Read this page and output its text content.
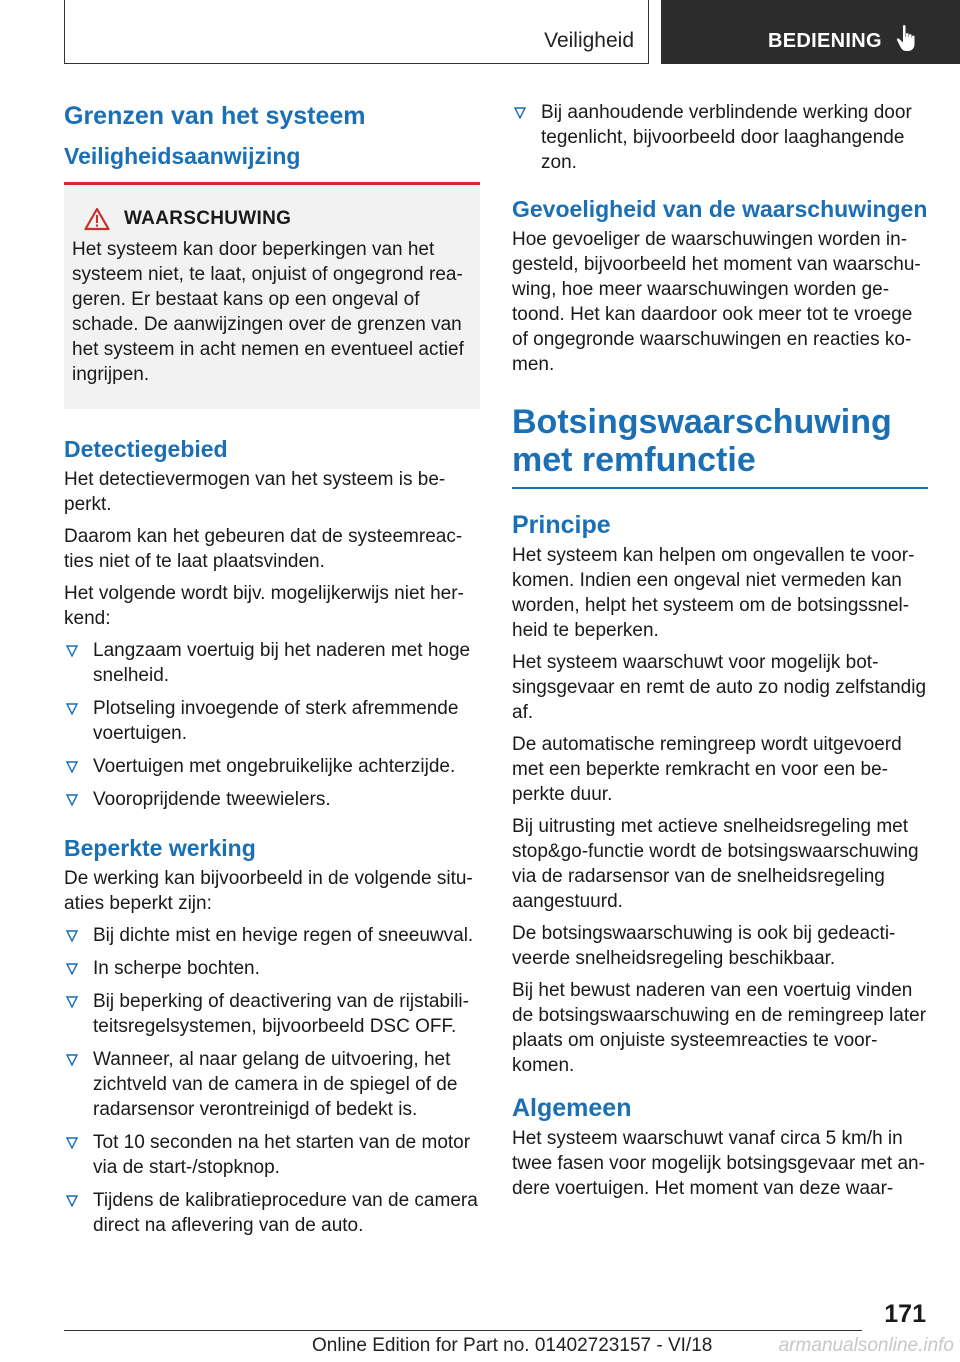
Veiligheid	BEDIENING
Grenzen van het systeem
Veiligheidsaanwijzing
WAARSCHUWING

Het systeem kan door beperkingen van het systeem niet, te laat, onjuist of ongegrond reageren. Er bestaat kans op een ongeval of schade. De aanwijzingen over de grenzen van het systeem in acht nemen en eventueel actief ingrijpen.

Detectiegebied

Het detectievermogen van het systeem is beperkt.

Daarom kan het gebeuren dat de systeemreacties niet of te laat plaatsvinden.

Het volgende wordt bijv. mogelijkerwijs niet herkend:

Langzaam voertuig bij het naderen met hoge snelheid.
Plotseling invoegende of sterk afremmende voertuigen.
Voertuigen met ongebruikelijke achterzijde.
Vooroprijdende tweewielers.
Beperkte werking

De werking kan bijvoorbeeld in de volgende situaties beperkt zijn:

Bij dichte mist en hevige regen of sneeuwval.
In scherpe bochten.
Bij beperking of deactivering van de rijstabiliteitsregelsystemen, bijvoorbeeld DSC OFF.
Wanneer, al naar gelang de uitvoering, het zichtveld van de camera in de spiegel of de radarsensor verontreinigd of bedekt is.
Tot 10 seconden na het starten van de motor via de start-/stopknop.
Tijdens de kalibratieprocedure van de camera direct na aflevering van de auto.
Bij aanhoudende verblindende werking door tegenlicht, bijvoorbeeld door laaghangende zon.
Gevoeligheid van de waarschuwingen

Hoe gevoeliger de waarschuwingen worden ingesteld, bijvoorbeeld het moment van waarschuwing, hoe meer waarschuwingen worden getoond. Het kan daardoor ook meer tot te vroege of ongegronde waarschuwingen en reacties komen.

Botsingswaarschuwing met remfunctie
Principe

Het systeem kan helpen om ongevallen te voorkomen. Indien een ongeval niet vermeden kan worden, helpt het systeem om de botsingssnelheid te beperken.

Het systeem waarschuwt voor mogelijk botsingsgevaar en remt de auto zo nodig zelfstandig af.

De automatische remingreep wordt uitgevoerd met een beperkte remkracht en voor een beperkte duur.

Bij uitrusting met actieve snelheidsregeling met stop&go-functie wordt de botsingswaarschuwing via de radarsensor van de snelheidsregeling aangestuurd.

De botsingswaarschuwing is ook bij gedeactiveerde snelheidsregeling beschikbaar.

Bij het bewust naderen van een voertuig vinden de botsingswaarschuwing en de remingreep later plaats om onjuiste systeemreacties te voorkomen.

Algemeen

Het systeem waarschuwt vanaf circa 5 km/h in twee fasen voor mogelijk botsingsgevaar met andere voertuigen. Het moment van deze waar-

171
Online Edition for Part no. 01402723157 - VI/18	armanualsonline.info
